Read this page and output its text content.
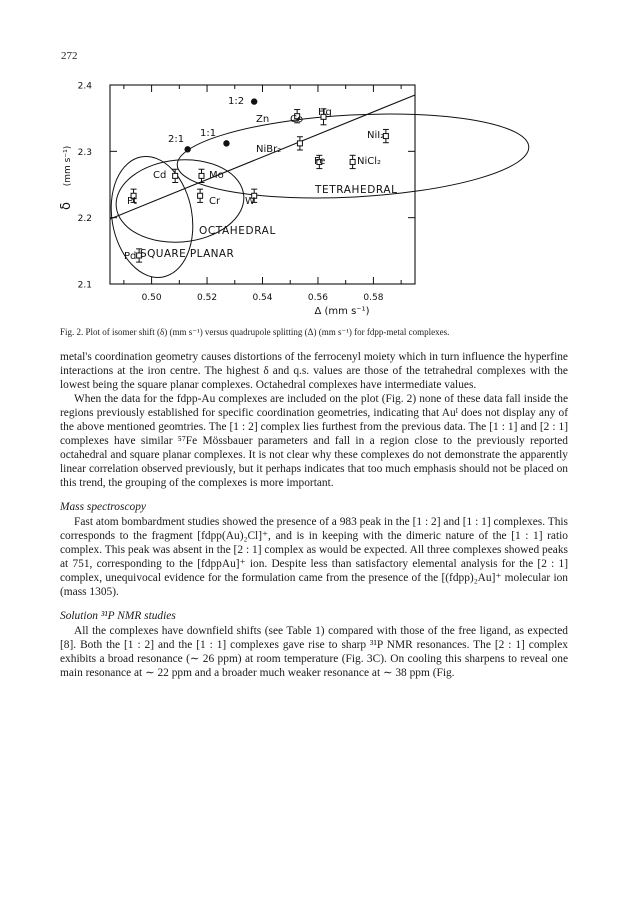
272
0.50	0.52	0.54	0.56	0.58
2.1
2.2
2.3
2.4
1:2
1:1
2:1
Zn Co
Hg
NiBr₂
NiI₂
Fe	NiCl₂
Cd	Mo
Pt	Cr W
Pd
TETRAHEDRAL
OCTAHEDRAL
SQUARE PLANAR
δ
(mm s⁻¹)
Δ (mm s⁻¹)
Fig. 2. Plot of isomer shift (δ) (mm s⁻¹) versus quadrupole splitting (Δ) (mm s⁻¹) for fdpp-metal complexes.

metal's coordination geometry causes distortions of the ferrocenyl moiety which in turn influence the hyperfine interactions at the iron centre. The highest δ and q.s. values are those of the tetrahedral complexes with the lowest being the square planar complexes. Octahedral complexes have intermediate values.

When the data for the fdpp-Au complexes are included on the plot (Fig. 2) none of these data fall inside the regions previously established for specific coordination geometries, indicating that Auᴵ does not display any of the above mentioned geomtries. The [1 : 2] complex lies furthest from the previous data. The [1 : 1] and [2 : 1] complexes have similar ⁵⁷Fe Mössbauer parameters and fall in a region close to the previously reported octahedral and square planar complexes. It is not clear why these complexes do not demonstrate the apparently linear correlation observed previously, but it perhaps indicates that too much emphasis should not be placed on this trend, the grouping of the complexes is more important.

Mass spectroscopy

Fast atom bombardment studies showed the presence of a 983 peak in the [1 : 2] and [1 : 1] complexes. This corresponds to the fragment [fdpp(Au)₂Cl]⁺, and is in keeping with the dimeric nature of the [1 : 1] ratio complex. This peak was absent in the [2 : 1] complex as would be expected. All three complexes showed peaks at 751, corresponding to the [fdppAu]⁺ ion. Despite less than satisfactory elemental analysis for the [2 : 1] complex, unequivocal evidence for the formulation came from the presence of the [(fdpp)₂Au]⁺ molecular ion (mass 1305).

Solution ³¹P NMR studies

All the complexes have downfield shifts (see Table 1) compared with those of the free ligand, as expected [8]. Both the [1 : 2] and the [1 : 1] complexes gave rise to sharp ³¹P NMR resonances. The [2 : 1] complex exhibits a broad resonance (∼ 26 ppm) at room temperature (Fig. 3C). On cooling this sharpens to reveal one main resonance at ∼ 22 ppm and a broader much weaker resonance at ∼ 38 ppm (Fig.
